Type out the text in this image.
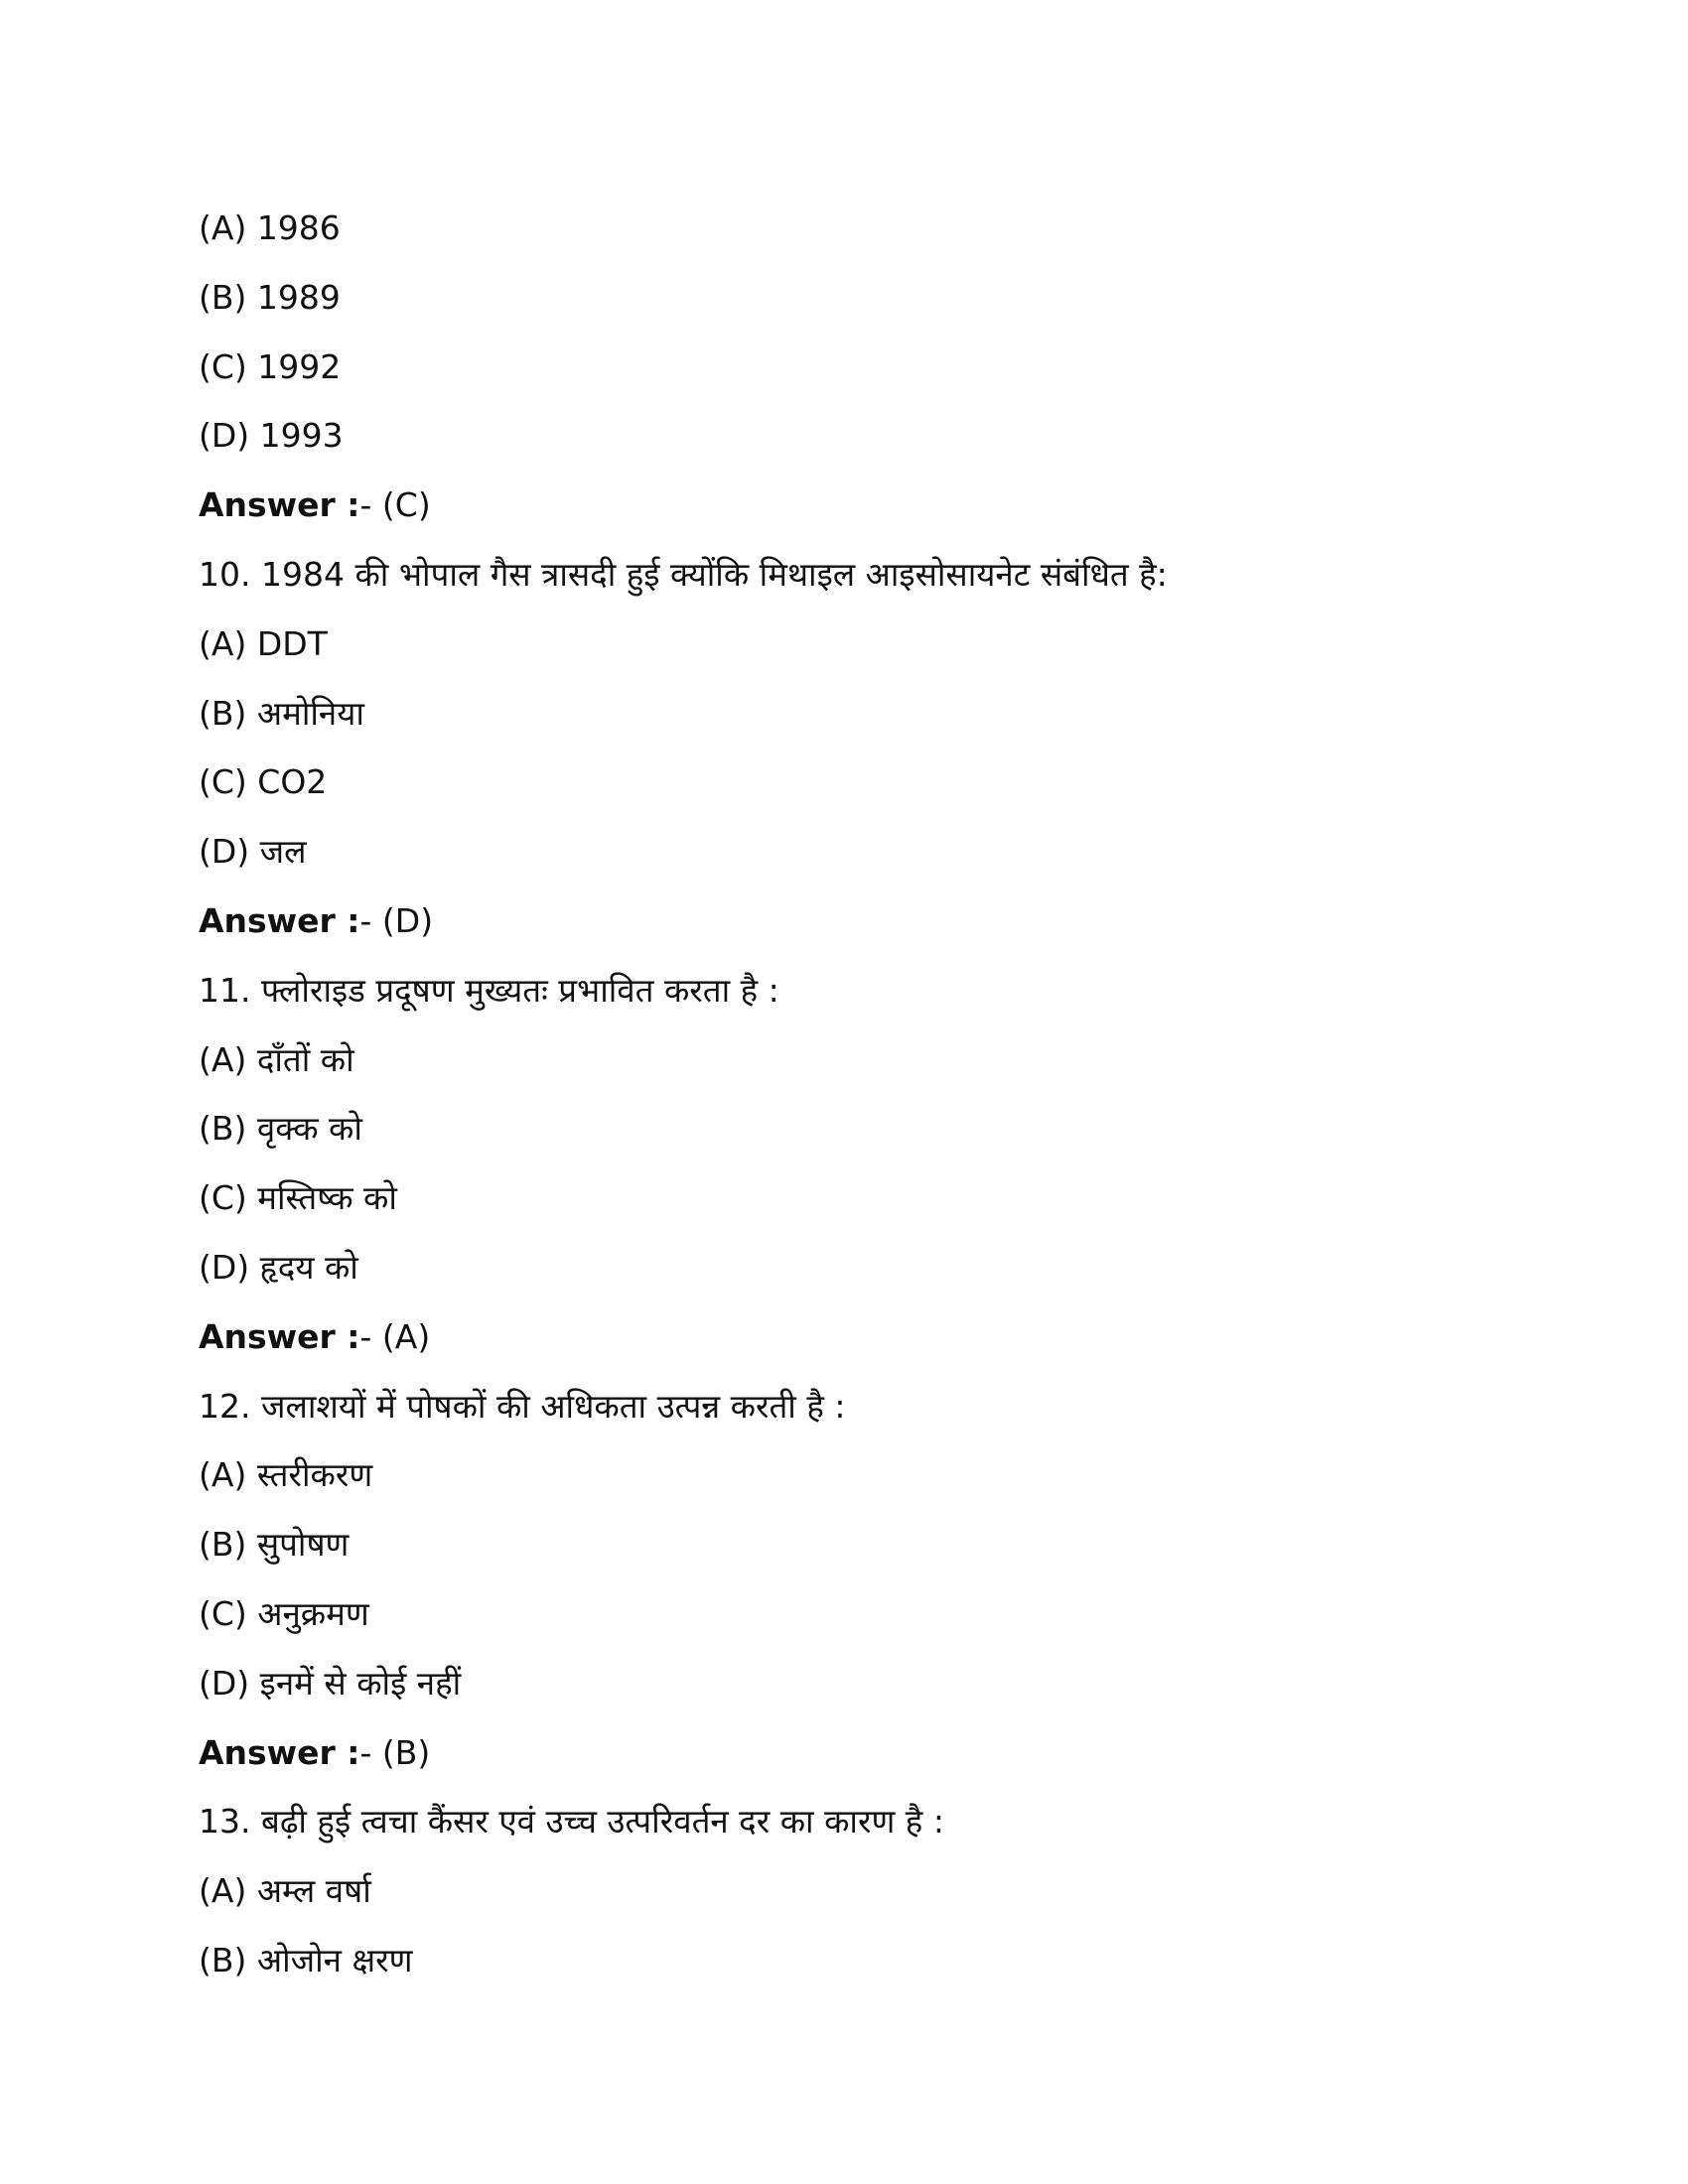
(A) 1986
(B) 1989
(C) 1992
(D) 1993
Answer :- (C)
10. 1984 की भोपाल गैस त्रासदी हुई क्योंकि मिथाइल आइसोसायनेट संबंधित है:
(A) DDT
(B) अमोनिया
(C) CO2
(D) जल
Answer :- (D)
11. फ्लोराइड प्रदूषण मुख्यतः प्रभावित करता है :
(A) दाँतों को
(B) वृक्क को
(C) मस्तिष्क को
(D) हृदय को
Answer :- (A)
12. जलाशयों में पोषकों की अधिकता उत्पन्न करती है :
(A) स्तरीकरण
(B) सुपोषण
(C) अनुक्रमण
(D) इनमें से कोई नहीं
Answer :- (B)
13. बढ़ी हुई त्वचा कैंसर एवं उच्च उत्परिवर्तन दर का कारण है :
(A) अम्ल वर्षा
(B) ओजोन क्षरण
